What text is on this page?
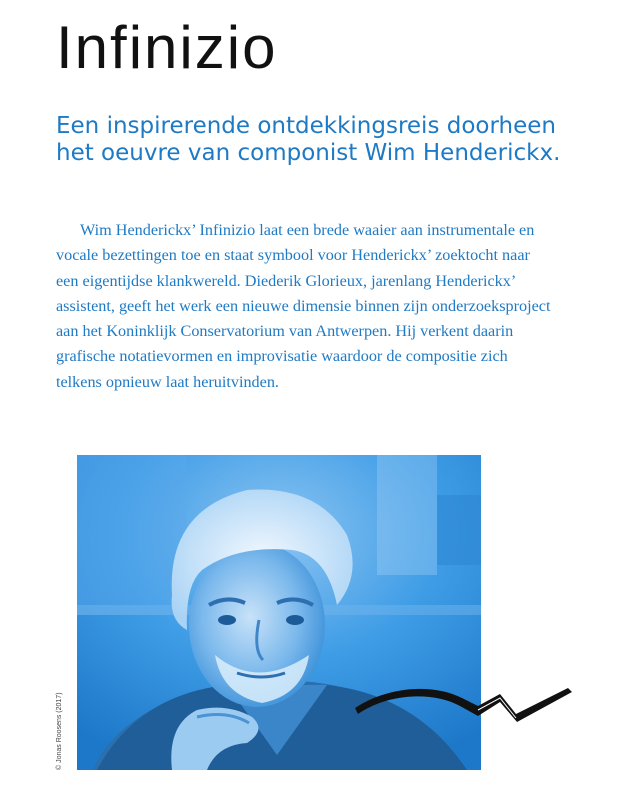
Infinizio
Een inspirerende ontdekkingsreis doorheen het oeuvre van componist Wim Henderickx.

Wim Henderickx’ Infinizio laat een brede waaier aan instrumentale en vocale bezettingen toe en staat symbool voor Henderickx’ zoektocht naar een eigentijdse klankwereld. Diederik Glorieux, jarenlang Henderickx’ assistent, geeft het werk een nieuwe dimensie binnen zijn onderzoeksproject aan het Koninklijk Conservatorium van Antwerpen. Hij verkent daarin grafische notatievormen en improvisatie waardoor de compositie zich telkens opnieuw laat heruitvinden.

© Jonas Roosens (2017)
